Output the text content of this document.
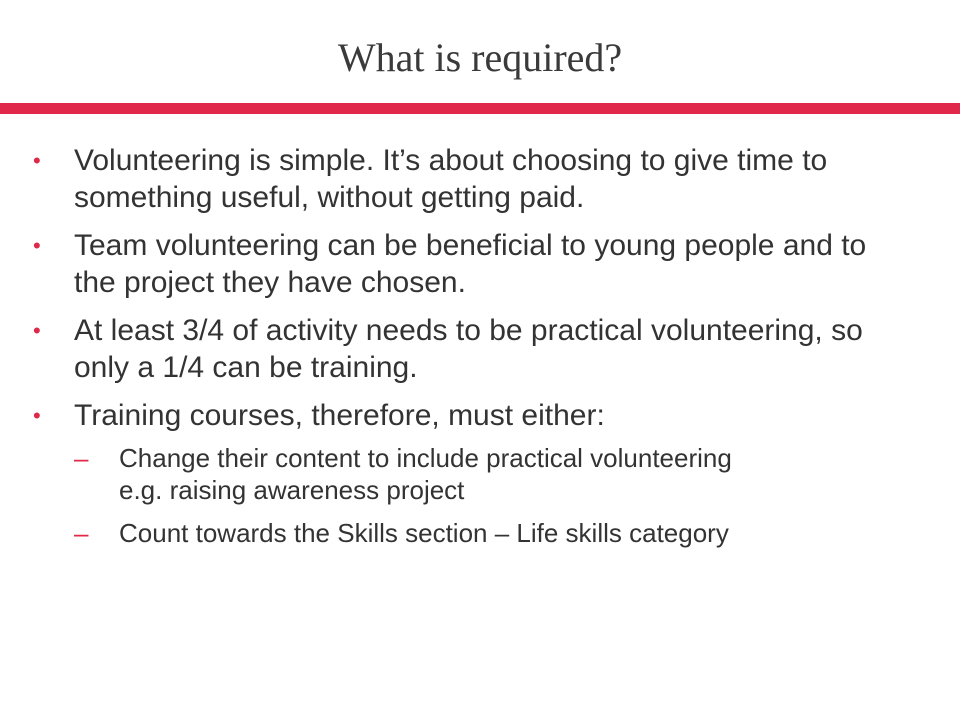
What is required?
• Volunteering is simple. It’s about choosing to give time to something useful, without getting paid.
• Team volunteering can be beneficial to young people and to the project they have chosen.
• At least 3/4 of activity needs to be practical volunteering, so only a 1/4 can be training.
• Training courses, therefore, must either:
– Change their content to include practical volunteering e.g. raising awareness project
– Count towards the Skills section – Life skills category
